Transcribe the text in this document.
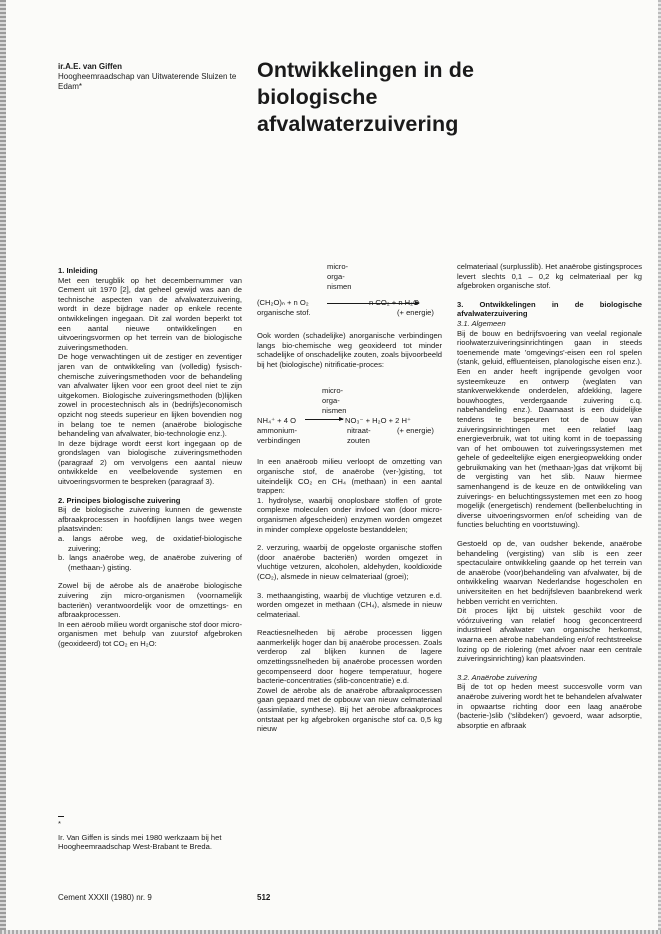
ir.A.E. van Giffen
Hoogheemraadschap van Uitwaterende Sluizen te Edam*
Ontwikkelingen in de
biologische
afvalwaterzuivering

1. Inleiding

Met een terugblik op het decembernummer van Cement uit 1970 [2], dat geheel gewijd was aan de technische aspecten van de afvalwaterzuivering, wordt in deze bijdrage nader op enkele recente ontwikkelingen ingegaan. Dit zal worden beperkt tot een aantal nieuwe ontwikkelingen en uitvoeringsvormen op het terrein van de biologische zuiveringsmethoden.

De hoge verwachtingen uit de zestiger en zeventiger jaren van de ontwikkeling van (volledig) fysisch-chemische zuiveringsmethoden voor de behandeling van afvalwater lijken voor een groot deel niet te zijn uitgekomen. Biologische zuiveringsmethoden (b)lijken zowel in procestechnisch als in (bedrijfs)economisch opzicht nog steeds superieur en lijken bovendien nog in belang toe te nemen (anaërobe biologische behandeling van afvalwater, bio-technologie enz.).

In deze bijdrage wordt eerst kort ingegaan op de grondslagen van biologische zuiveringsmethoden (paragraaf 2) om vervolgens een aantal nieuw ontwikkelde en veelbelovende systemen en uitvoeringsvormen te bespreken (paragraaf 3).

2. Principes biologische zuivering

Bij de biologische zuivering kunnen de gewenste afbraakprocessen in hoofdlijnen langs twee wegen plaatsvinden:

a. langs aërobe weg, de oxidatief-biologische zuivering;

b. langs anaërobe weg, de anaërobe zuivering of (methaan-) gisting.

Zowel bij de aërobe als de anaërobe biologische zuivering zijn micro-organismen (voornamelijk bacteriën) verantwoordelijk voor de omzettings- en afbraakprocessen.

In een aëroob milieu wordt organische stof door micro-organismen met behulp van zuurstof afgebroken (geoxideerd) tot CO₂ en H₂O:

micro-
orga-
nismen
(CH₂O)ₙ + n O₂	n CO₂ + n H₂O
organische stof.	(+ energie)

Ook worden (schadelijke) anorganische verbindingen langs bio-chemische weg geoxideerd tot minder schadelijke of onschadelijke zouten, zoals bijvoorbeeld bij het (biologische) nitrificatie-proces:

micro-
orga-
nismen
NH₄⁺ + 4 O	NO₃⁻ + H₂O + 2 H⁺
ammonium-
verbindingen
nitraat-
zouten
(+ energie)

In een anaëroob milieu verloopt de omzetting van organische stof, de anaërobe (ver-)gisting, tot uiteindelijk CO₂ en CH₄ (methaan) in een aantal trappen:

1. hydrolyse, waarbij onoplosbare stoffen of grote complexe moleculen onder invloed van (door micro-organismen afgescheiden) enzymen worden omgezet in minder complexe opgeloste bestanddelen;

2. verzuring, waarbij de opgeloste organische stoffen (door anaërobe bacteriën) worden omgezet in vluchtige vetzuren, alcoholen, aldehyden, kooldioxide (CO₂), alsmede in nieuw celmateriaal (groei);

3. methaangisting, waarbij de vluchtige vetzuren e.d. worden omgezet in methaan (CH₄), alsmede in nieuw celmateriaal.

Reactiesnelheden bij aërobe processen liggen aanmerkelijk hoger dan bij anaërobe processen. Zoals verderop zal blijken kunnen de lagere omzettingssnelheden bij anaërobe processen worden gecompenseerd door hogere temperatuur, hogere bacterie-concentraties (slib-concentratie) e.d.

Zowel de aërobe als de anaërobe afbraakprocessen gaan gepaard met de opbouw van nieuw celmateriaal (assimilatie, synthese). Bij het aërobe afbraakproces ontstaat per kg afgebroken organische stof ca. 0,5 kg nieuw

celmateriaal (surplusslib). Het anaërobe gistingsproces levert slechts 0,1 – 0,2 kg celmateriaal per kg afgebroken organische stof.

3. Ontwikkelingen in de biologische afvalwaterzuivering

3.1. Algemeen

Bij de bouw en bedrijfsvoering van veelal regionale rioolwaterzuiveringsinrichtingen gaan in steeds toenemende mate 'omgevings'-eisen een rol spelen (stank, geluid, effluenteisen, planologische eisen enz.). Een en ander heeft ingrijpende gevolgen voor systeemkeuze en ontwerp (weglaten van stankverwekkende onderdelen, afdekking, lagere bouwhoogtes, verdergaande zuivering c.q. nabehandeling enz.). Daarnaast is een duidelijke tendens te bespeuren tot de bouw van zuiveringsinrichtingen met een relatief laag energieverbruik, wat tot uiting komt in de toepassing van of het ombouwen tot zuiveringssystemen met gehele of gedeeltelijke eigen energieopwekking onder gebruikmaking van het (methaan-)gas dat vrijkomt bij de vergisting van het slib. Nauw hiermee samenhangend is de keuze en de ontwikkeling van zuiverings- en beluchtingssystemen met een zo hoog mogelijk (energetisch) rendement (bellenbeluchting in diverse uitvoeringsvormen en/of scheiding van de functies beluchting en voortstuwing).

Gestoeld op de, van oudsher bekende, anaërobe behandeling (vergisting) van slib is een zeer spectaculaire ontwikkeling gaande op het terrein van de anaërobe (voor)behandeling van afvalwater, bij de ontwikkeling waarvan Nederlandse hogescholen en universiteiten en het bedrijfsleven baanbrekend werk hebben verricht en verrichten.

Dit proces lijkt bij uitstek geschikt voor de vóórzuivering van relatief hoog geconcentreerd industrieel afvalwater van organische herkomst, waarna een aërobe nabehandeling en/of rechtstreekse lozing op de riolering (met afvoer naar een centrale zuiveringsinrichting) kan plaatsvinden.

3.2. Anaërobe zuivering

Bij de tot op heden meest succesvolle vorm van anaërobe zuivering wordt het te behandelen afvalwater in opwaartse richting door een laag anaërobe (bacterie-)slib ('slibdeken') gevoerd, waar adsorptie, absorptie en afbraak

*
Ir. Van Giffen is sinds mei 1980 werkzaam bij het Hoogheemraadschap West-Brabant te Breda.
Cement XXXII (1980) nr. 9	512
